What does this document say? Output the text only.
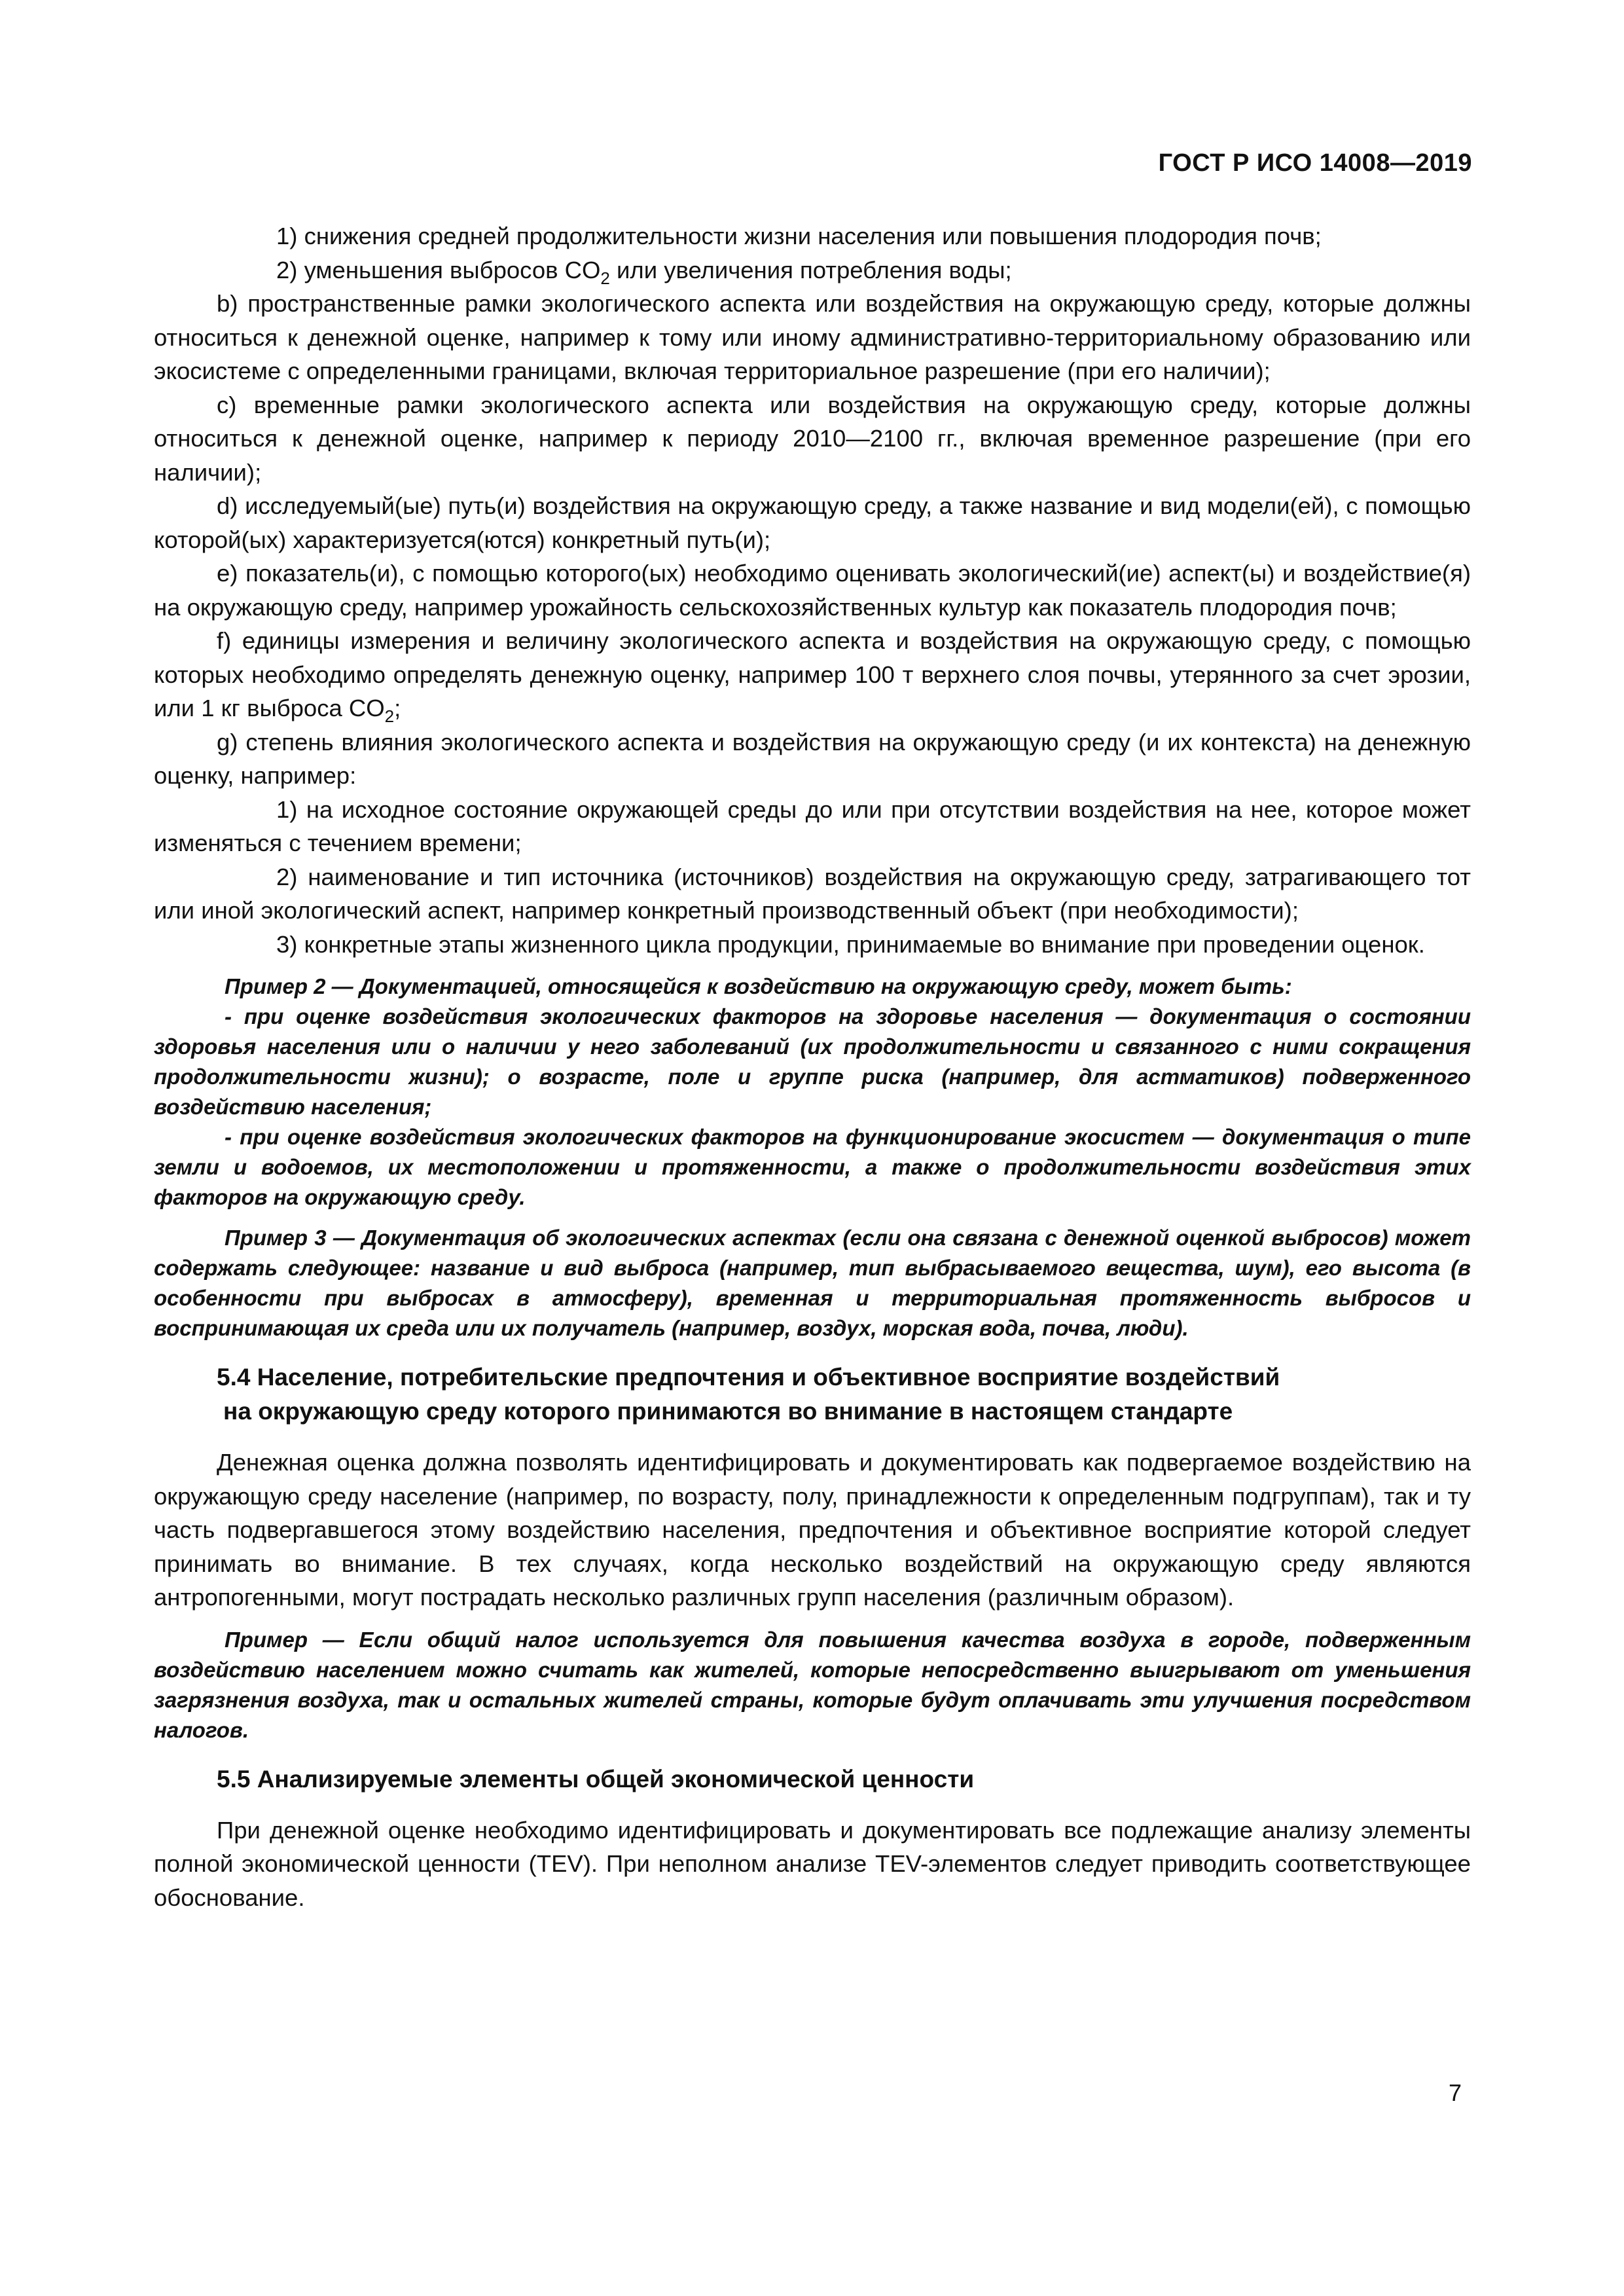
ГОСТ Р ИСО 14008—2019

1) снижения средней продолжительности жизни населения или повышения плодородия почв;

2) уменьшения выбросов $CO_2$ или увеличения потребления воды;

b) пространственные рамки экологического аспекта или воздействия на окружающую среду, которые должны относиться к денежной оценке, например к тому или иному административно-территориальному образованию или экосистеме с определенными границами, включая территориальное разрешение (при его наличии);

c) временные рамки экологического аспекта или воздействия на окружающую среду, которые должны относиться к денежной оценке, например к периоду 2010—2100 гг., включая временное разрешение (при его наличии);

d) исследуемый(ые) путь(и) воздействия на окружающую среду, а также название и вид модели(ей), с помощью которой(ых) характеризуется(ются) конкретный путь(и);

e) показатель(и), с помощью которого(ых) необходимо оценивать экологический(ие) аспект(ы) и воздействие(я) на окружающую среду, например урожайность сельскохозяйственных культур как показатель плодородия почв;

f) единицы измерения и величину экологического аспекта и воздействия на окружающую среду, с помощью которых необходимо определять денежную оценку, например 100 т верхнего слоя почвы, утерянного за счет эрозии, или 1 кг выброса $CO_2$;

g) степень влияния экологического аспекта и воздействия на окружающую среду (и их контекста) на денежную оценку, например:

1) на исходное состояние окружающей среды до или при отсутствии воздействия на нее, которое может изменяться с течением времени;

2) наименование и тип источника (источников) воздействия на окружающую среду, затрагивающего тот или иной экологический аспект, например конкретный производственный объект (при необходимости);

3) конкретные этапы жизненного цикла продукции, принимаемые во внимание при проведении оценок.

Пример 2 — Документацией, относящейся к воздействию на окружающую среду, может быть:

- при оценке воздействия экологических факторов на здоровье населения — документация о состоянии здоровья населения или о наличии у него заболеваний (их продолжительности и связанного с ними сокращения продолжительности жизни); о возрасте, поле и группе риска (например, для астматиков) подверженного воздействию населения;

- при оценке воздействия экологических факторов на функционирование экосистем — документация о типе земли и водоемов, их местоположении и протяженности, а также о продолжительности воздействия этих факторов на окружающую среду.

Пример 3 — Документация об экологических аспектах (если она связана с денежной оценкой выбросов) может содержать следующее: название и вид выброса (например, тип выбрасываемого вещества, шум), его высота (в особенности при выбросах в атмосферу), временная и территориальная протяженность выбросов и воспринимающая их среда или их получатель (например, воздух, морская вода, почва, люди).

5.4 Население, потребительские предпочтения и объективное восприятие воздействий
на окружающую среду которого принимаются во внимание в настоящем стандарте

Денежная оценка должна позволять идентифицировать и документировать как подвергаемое воздействию на окружающую среду население (например, по возрасту, полу, принадлежности к определенным подгруппам), так и ту часть подвергавшегося этому воздействию населения, предпочтения и объективное восприятие которой следует принимать во внимание. В тех случаях, когда несколько воздействий на окружающую среду являются антропогенными, могут пострадать несколько различных групп населения (различным образом).

Пример — Если общий налог используется для повышения качества воздуха в городе, подверженным воздействию населением можно считать как жителей, которые непосредственно выигрывают от уменьшения загрязнения воздуха, так и остальных жителей страны, которые будут оплачивать эти улучшения посредством налогов.

5.5 Анализируемые элементы общей экономической ценности

При денежной оценке необходимо идентифицировать и документировать все подлежащие анализу элементы полной экономической ценности (TEV). При неполном анализе TEV-элементов следует приводить соответствующее обоснование.

7
